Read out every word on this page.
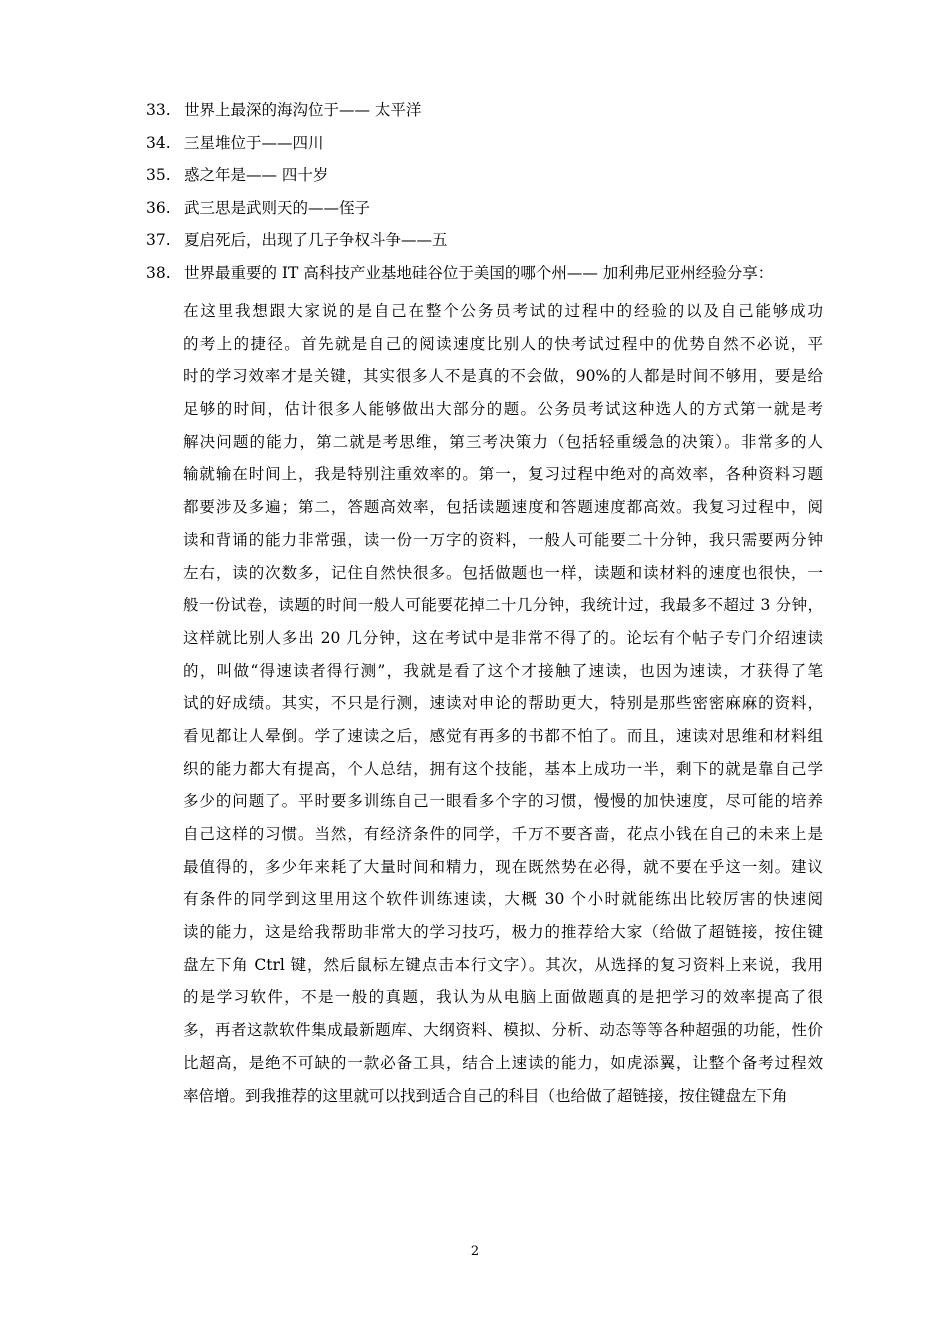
33. 世界上最深的海沟位于—— 太平洋
34. 三星堆位于——四川
35. 惑之年是—— 四十岁
36. 武三思是武则天的——侄子
37. 夏启死后，出现了几子争权斗争——五
38. 世界最重要的 IT 高科技产业基地硅谷位于美国的哪个州—— 加利弗尼亚州经验分享：
在这里我想跟大家说的是自己在整个公务员考试的过程中的经验的以及自己能够成功
的考上的捷径。首先就是自己的阅读速度比别人的快考试过程中的优势自然不必说，平
时的学习效率才是关键，其实很多人不是真的不会做，90%的人都是时间不够用，要是给
足够的时间，估计很多人能够做出大部分的题。公务员考试这种选人的方式第一就是考
解决问题的能力，第二就是考思维，第三考决策力（包括轻重缓急的决策）。非常多的人
输就输在时间上，我是特别注重效率的。第一，复习过程中绝对的高效率，各种资料习题
都要涉及多遍；第二，答题高效率，包括读题速度和答题速度都高效。我复习过程中，阅
读和背诵的能力非常强，读一份一万字的资料，一般人可能要二十分钟，我只需要两分钟
左右，读的次数多，记住自然快很多。包括做题也一样，读题和读材料的速度也很快，一
般一份试卷，读题的时间一般人可能要花掉二十几分钟，我统计过，我最多不超过 3 分钟，
这样就比别人多出 20 几分钟，这在考试中是非常不得了的。论坛有个帖子专门介绍速读
的，叫做“得速读者得行测”，我就是看了这个才接触了速读，也因为速读，才获得了笔
试的好成绩。其实，不只是行测，速读对申论的帮助更大，特别是那些密密麻麻的资料，
看见都让人晕倒。学了速读之后，感觉有再多的书都不怕了。而且，速读对思维和材料组
织的能力都大有提高，个人总结，拥有这个技能，基本上成功一半，剩下的就是靠自己学
多少的问题了。平时要多训练自己一眼看多个字的习惯，慢慢的加快速度，尽可能的培养
自己这样的习惯。当然，有经济条件的同学，千万不要吝啬，花点小钱在自己的未来上是
最值得的，多少年来耗了大量时间和精力，现在既然势在必得，就不要在乎这一刻。建议
有条件的同学到这里用这个软件训练速读，大概 30 个小时就能练出比较厉害的快速阅
读的能力，这是给我帮助非常大的学习技巧，极力的推荐给大家（给做了超链接，按住键
盘左下角 Ctrl 键，然后鼠标左键点击本行文字）。其次，从选择的复习资料上来说，我用
的是学习软件，不是一般的真题，我认为从电脑上面做题真的是把学习的效率提高了很
多，再者这款软件集成最新题库、大纲资料、模拟、分析、动态等等各种超强的功能，性价
比超高，是绝不可缺的一款必备工具，结合上速读的能力，如虎添翼，让整个备考过程效
率倍增。到我推荐的这里就可以找到适合自己的科目（也给做了超链接，按住键盘左下角
2
